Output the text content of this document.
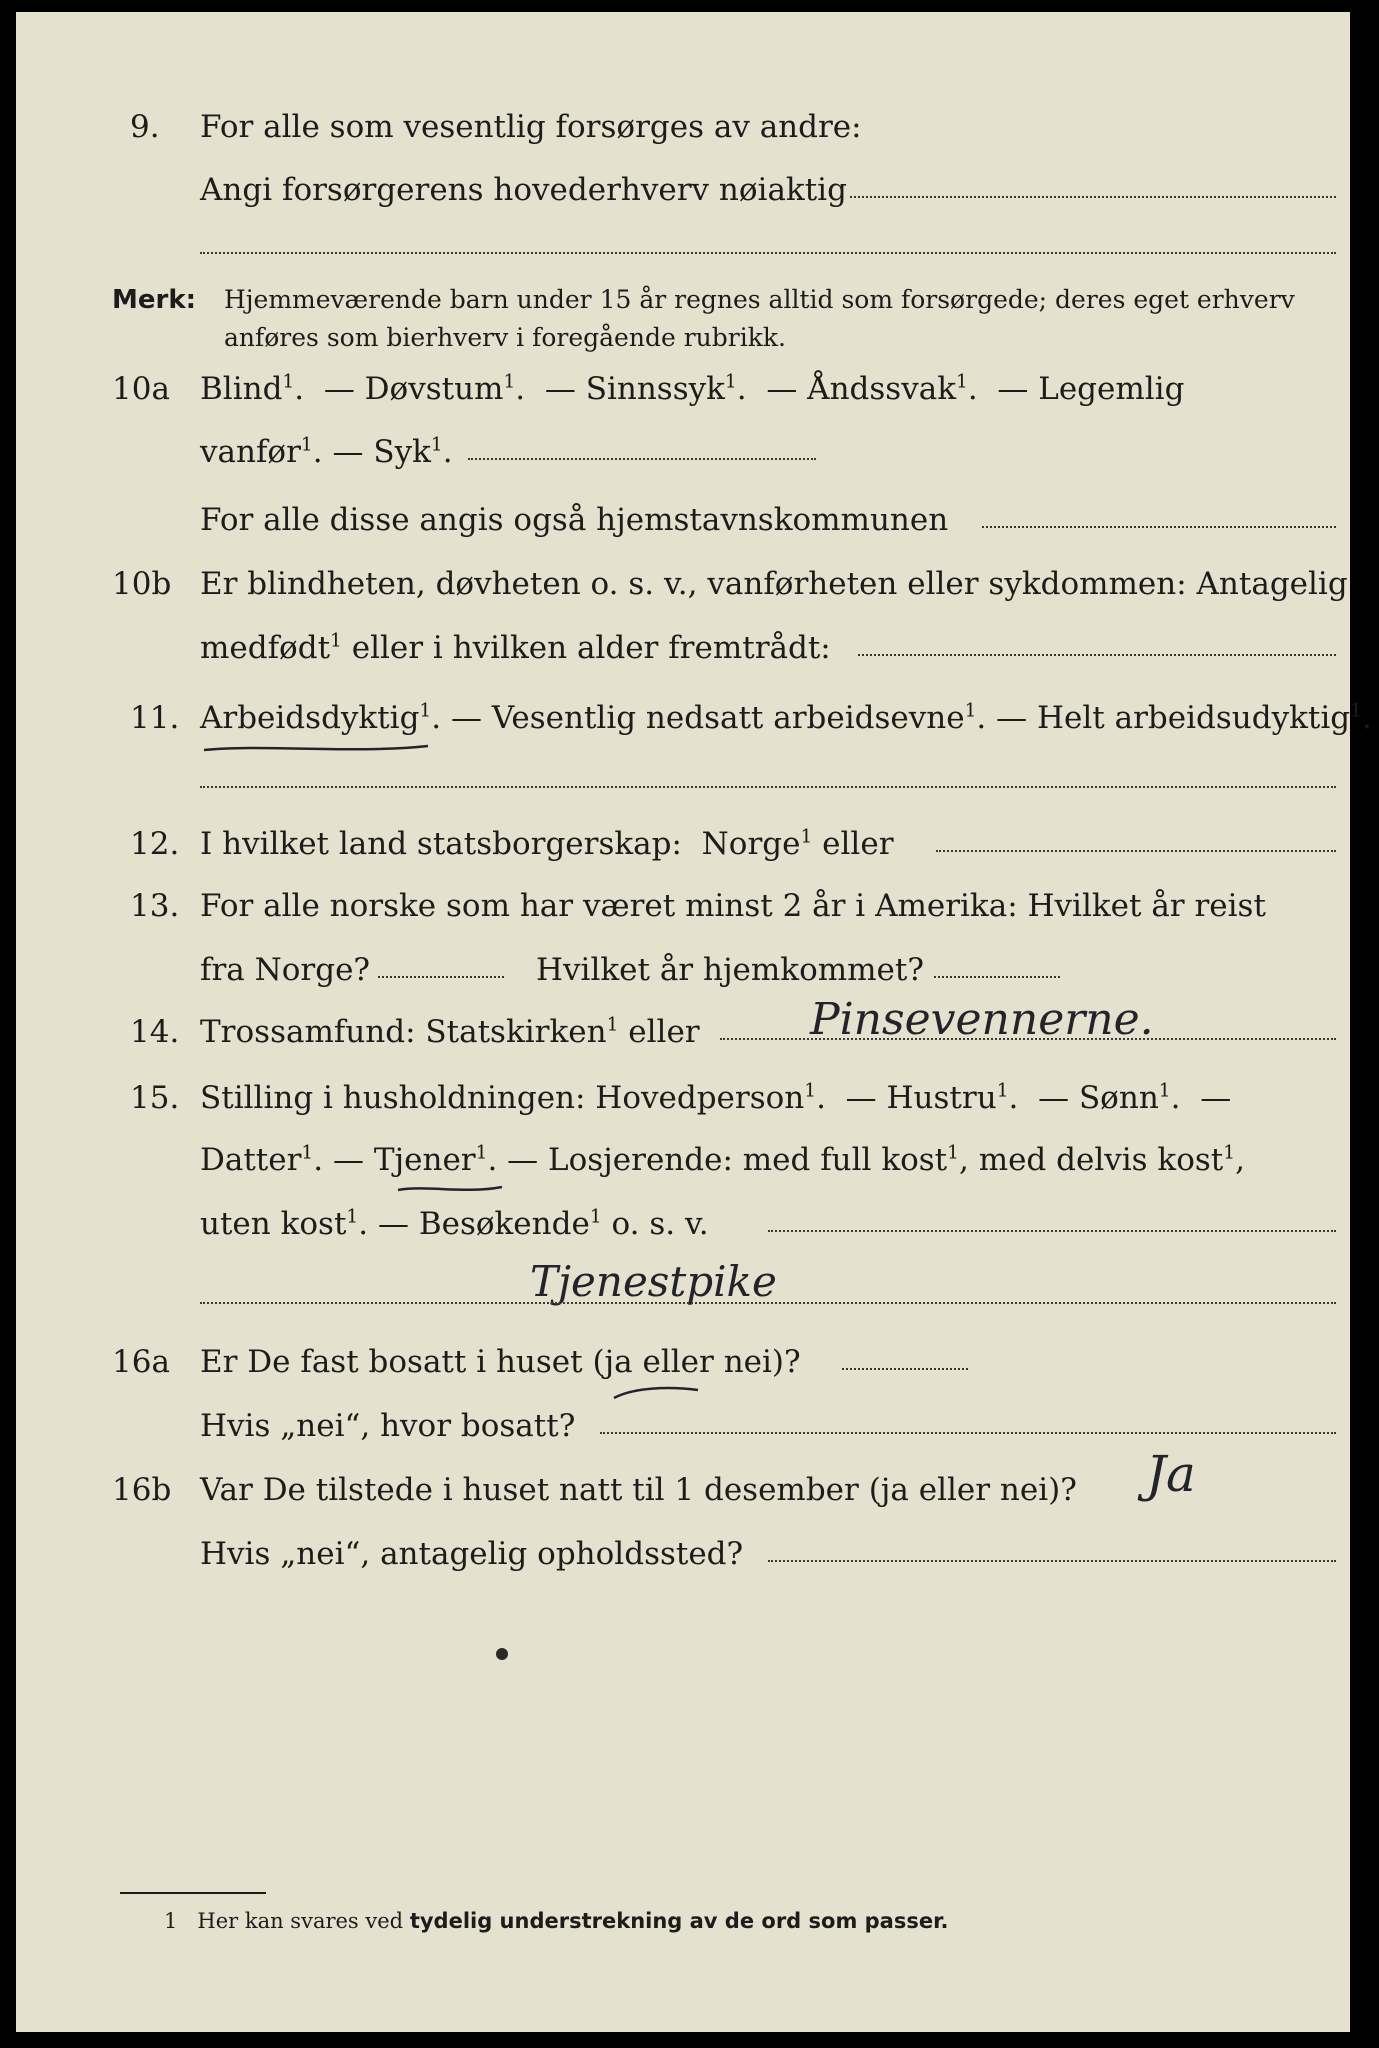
9. For alle som vesentlig forsørges av andre:
Angi forsørgerens hovederhverv nøiaktig
Merk: Hjemmeværende barn under 15 år regnes alltid som forsørgede; deres eget erhverv
anføres som bierhverv i foregående rubrikk.
10a Blind$^1$.  — Døvstum$^1$.  — Sinnssyk$^1$.  — Åndssvak$^1$.  — Legemlig
vanfør$^1$. — Syk$^1$.
For alle disse angis også hjemstavnskommunen
10b Er blindheten, døvheten o. s. v., vanførheten eller sykdommen: Antagelig
medfødt$^1$ eller i hvilken alder fremtrådt:
11. Arbeidsdyktig$^1$. — Vesentlig nedsatt arbeidsevne$^1$. — Helt arbeidsudyktig$^1$.
12. I hvilket land statsborgerskap: Norge$^1$ eller
13. For alle norske som har været minst 2 år i Amerika: Hvilket år reist
fra Norge?	Hvilket år hjemkommet?
14. Trossamfund: Statskirken$^1$ eller	Pinsevennerne.
15. Stilling i husholdningen: Hovedperson$^1$.  — Hustru$^1$.  — Sønn$^1$.  —
Datter$^1$. — Tjener$^1$. — Losjerende: med full kost$^1$, med delvis kost$^1$,
uten kost$^1$. — Besøkende$^1$ o. s. v.
Tjenestpike
16a Er De fast bosatt i huset (ja eller nei)?
Hvis „nei“, hvor bosatt?
16b Var De tilstede i huset natt til 1 desember (ja eller nei)? Ja
Hvis „nei“, antagelig opholdssted?
1 Her kan svares ved tydelig understrekning av de ord som passer.
